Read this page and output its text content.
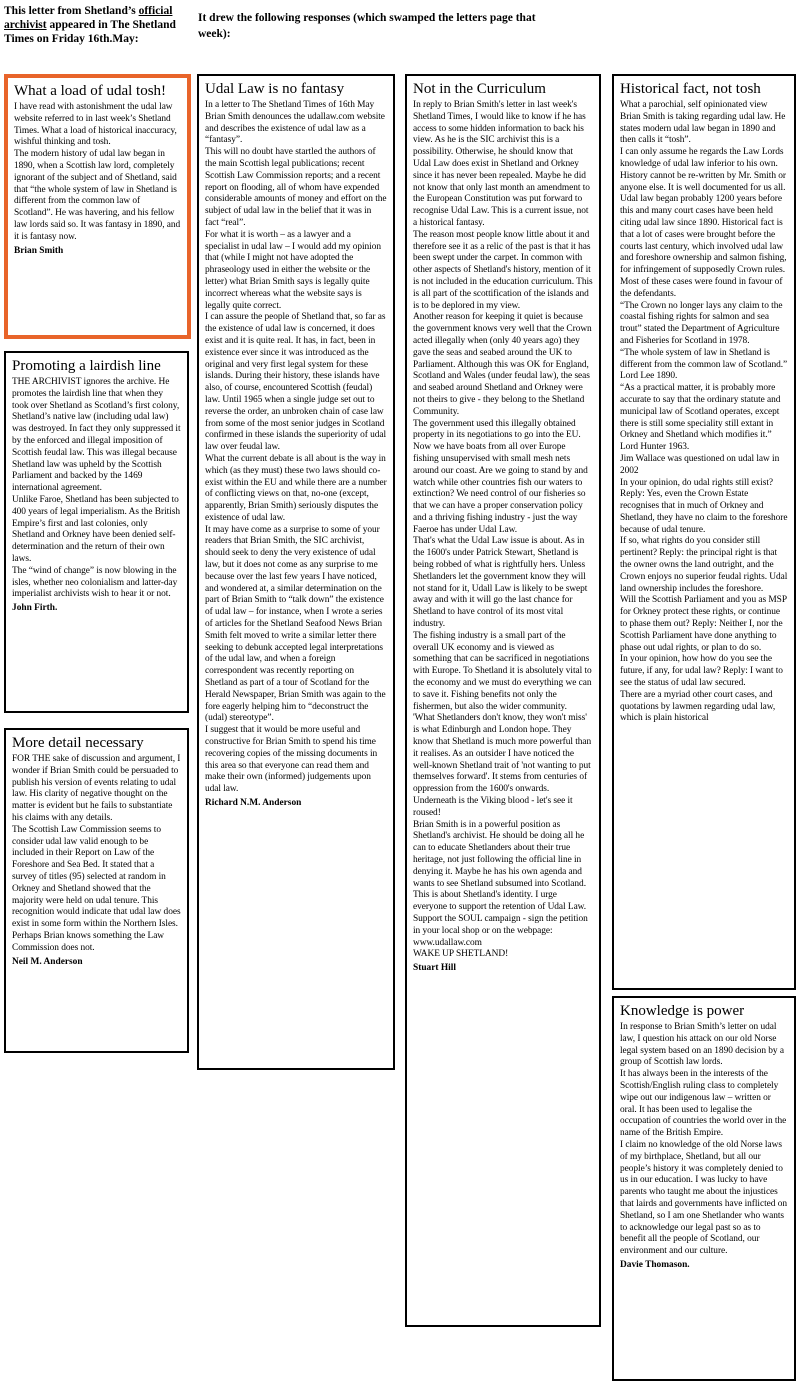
This letter from Shetland’s official archivist appeared in The Shetland Times on Friday 16th.May:
It drew the following responses (which swamped the letters page that week):
What a load of udal tosh!
I have read with astonishment the udal law website referred to in last week’s Shetland Times. What a load of historical inaccuracy, wishful thinking and tosh.
The modern history of udal law began in 1890, when a Scottish law lord, completely ignorant of the subject and of Shetland, said that “the whole system of law in Shetland is different from the common law of Scotland”. He was havering, and his fellow law lords said so. It was fantasy in 1890, and it is fantasy now.
Brian Smith
Promoting a lairdish line
THE ARCHIVIST ignores the archive. He promotes the lairdish line that when they took over Shetland as Scotland’s first colony, Shetland’s native law (including udal law) was destroyed. In fact they only suppressed it by the enforced and illegal imposition of Scottish feudal law. This was illegal because Shetland law was upheld by the Scottish Parliament and backed by the 1469 international agreement.
Unlike Faroe, Shetland has been subjected to 400 years of legal imperialism. As the British Empire’s first and last colonies, only Shetland and Orkney have been denied self-determination and the return of their own laws.
The “wind of change” is now blowing in the isles, whether neo colonialism and latter-day imperialist archivists wish to hear it or not.
John Firth.
More detail necessary
FOR THE sake of discussion and argument, I wonder if Brian Smith could be persuaded to publish his version of events relating to udal law. His clarity of negative thought on the matter is evident but he fails to substantiate his claims with any details.
The Scottish Law Commission seems to consider udal law valid enough to be included in their Report on Law of the Foreshore and Sea Bed. It stated that a survey of titles (95) selected at random in Orkney and Shetland showed that the majority were held on udal tenure. This recognition would indicate that udal law does exist in some form within the Northern Isles. Perhaps Brian knows something the Law Commission does not.
Neil M. Anderson
Udal Law is no fantasy
In a letter to The Shetland Times of 16th May Brian Smith denounces the udallaw.com website and describes the existence of udal law as a “fantasy”.
This will no doubt have startled the authors of the main Scottish legal publications; recent Scottish Law Commission reports; and a recent report on flooding, all of whom have expended considerable amounts of money and effort on the subject of udal law in the belief that it was in fact “real”.
For what it is worth – as a lawyer and a specialist in udal law – I would add my opinion that (while I might not have adopted the phraseology used in either the website or the letter) what Brian Smith says is legally quite incorrect whereas what the website says is legally quite correct.
I can assure the people of Shetland that, so far as the existence of udal law is concerned, it does exist and it is quite real. It has, in fact, been in existence ever since it was introduced as the original and very first legal system for these islands. During their history, these islands have also, of course, encountered Scottish (feudal) law. Until 1965 when a single judge set out to reverse the order, an unbroken chain of case law from some of the most senior judges in Scotland confirmed in these islands the superiority of udal law over feudal law.
What the current debate is all about is the way in which (as they must) these two laws should co-exist within the EU and while there are a number of conflicting views on that, no-one (except, apparently, Brian Smith) seriously disputes the existence of udal law.
It may have come as a surprise to some of your readers that Brian Smith, the SIC archivist, should seek to deny the very existence of udal law, but it does not come as any surprise to me because over the last few years I have noticed, and wondered at, a similar determination on the part of Brian Smith to “talk down” the existence of udal law – for instance, when I wrote a series of articles for the Shetland Seafood News Brian Smith felt moved to write a similar letter there seeking to debunk accepted legal interpretations of the udal law, and when a foreign correspondent was recently reporting on Shetland as part of a tour of Scotland for the Herald Newspaper, Brian Smith was again to the fore eagerly helping him to “deconstruct the (udal) stereotype”.
I suggest that it would be more useful and constructive for Brian Smith to spend his time recovering copies of the missing documents in this area so that everyone can read them and make their own (informed) judgements upon udal law.
Richard N.M. Anderson
Not in the Curriculum
In reply to Brian Smith's letter in last week's Shetland Times, I would like to know if he has access to some hidden information to back his view. As he is the SIC archivist this is a possibility. Otherwise, he should know that Udal Law does exist in Shetland and Orkney since it has never been repealed. Maybe he did not know that only last month an amendment to the European Constitution was put forward to recognise Udal Law. This is a current issue, not a historical fantasy.
The reason most people know little about it and therefore see it as a relic of the past is that it has been swept under the carpet. In common with other aspects of Shetland's history, mention of it is not included in the education curriculum. This is all part of the scottification of the islands and is to be deplored in my view.
Another reason for keeping it quiet is because the government knows very well that the Crown acted illegally when (only 40 years ago) they gave the seas and seabed around the UK to Parliament. Although this was OK for England, Scotland and Wales (under feudal law), the seas and seabed around Shetland and Orkney were not theirs to give - they belong to the Shetland Community.
The government used this illegally obtained property in its negotiations to go into the EU. Now we have boats from all over Europe fishing unsupervised with small mesh nets around our coast. Are we going to stand by and watch while other countries fish our waters to extinction? We need control of our fisheries so that we can have a proper conservation policy and a thriving fishing industry - just the way Faeroe has under Udal Law.
That's what the Udal Law issue is about. As in the 1600's under Patrick Stewart, Shetland is being robbed of what is rightfully hers. Unless Shetlanders let the government know they will not stand for it, Udall Law is likely to be swept away and with it will go the last chance for Shetland to have control of its most vital industry.
The fishing industry is a small part of the overall UK economy and is viewed as something that can be sacrificed in negotiations with Europe. To Shetland it is absolutely vital to the economy and we must do everything we can to save it. Fishing benefits not only the fishermen, but also the wider community.
'What Shetlanders don't know, they won't miss' is what Edinburgh and London hope. They know that Shetland is much more powerful than it realises. As an outsider I have noticed the well-known Shetland trait of 'not wanting to put themselves forward'. It stems from centuries of oppression from the 1600's onwards. Underneath is the Viking blood - let's see it roused!
Brian Smith is in a powerful position as Shetland's archivist. He should be doing all he can to educate Shetlanders about their true heritage, not just following the official line in denying it. Maybe he has his own agenda and wants to see Shetland subsumed into Scotland.
This is about Shetland's identity. I urge everyone to support the retention of Udal Law. Support the SOUL campaign - sign the petition in your local shop or on the webpage:
www.udallaw.com
WAKE UP SHETLAND!
Stuart Hill
Historical fact, not tosh
What a parochial, self opinionated view Brian Smith is taking regarding udal law. He states modern udal law began in 1890 and then calls it “tosh”.
I can only assume he regards the Law Lords knowledge of udal law inferior to his own. History cannot be re-written by Mr. Smith or anyone else. It is well documented for us all.
Udal law began probably 1200 years before this and many court cases have been held citing udal law since 1890. Historical fact is that a lot of cases were brought before the courts last century, which involved udal law and foreshore ownership and salmon fishing, for infringement of supposedly Crown rules. Most of these cases were found in favour of the defendants.
“The Crown no longer lays any claim to the coastal fishing rights for salmon and sea trout” stated the Department of Agriculture and Fisheries for Scotland in 1978.
“The whole system of law in Shetland is different from the common law of Scotland.” Lord Lee 1890.
“As a practical matter, it is probably more accurate to say that the ordinary statute and municipal law of Scotland operates, except there is still some speciality still extant in Orkney and Shetland which modifies it.” Lord Hunter 1963.
Jim Wallace was questioned on udal law in 2002
In your opinion, do udal rights still exist? Reply: Yes, even the Crown Estate recognises that in much of Orkney and Shetland, they have no claim to the foreshore because of udal tenure.
If so, what rights do you consider still pertinent? Reply: the principal right is that the owner owns the land outright, and the Crown enjoys no superior feudal rights. Udal land ownership includes the foreshore.
Will the Scottish Parliament and you as MSP for Orkney protect these rights, or continue to phase them out? Reply: Neither I, nor the Scottish Parliament have done anything to phase out udal rights, or plan to do so.
In your opinion, how how do you see the future, if any, for udal law? Reply: I want to see the status of udal law secured.
There are a myriad other court cases, and quotations by lawmen regarding udal law, which is plain historical
Knowledge is power
In response to Brian Smith’s letter on udal law, I question his attack on our old Norse legal system based on an 1890 decision by a group of Scottish law lords.
It has always been in the interests of the Scottish/English ruling class to completely wipe out our indigenous law – written or oral. It has been used to legalise the occupation of countries the world over in the name of the British Empire.
I claim no knowledge of the old Norse laws of my birthplace, Shetland, but all our people’s history it was completely denied to us in our education. I was lucky to have parents who taught me about the injustices that lairds and governments have inflicted on Shetland, so I am one Shetlander who wants to acknowledge our legal past so as to benefit all the people of Scotland, our environment and our culture.
Davie Thomason.
